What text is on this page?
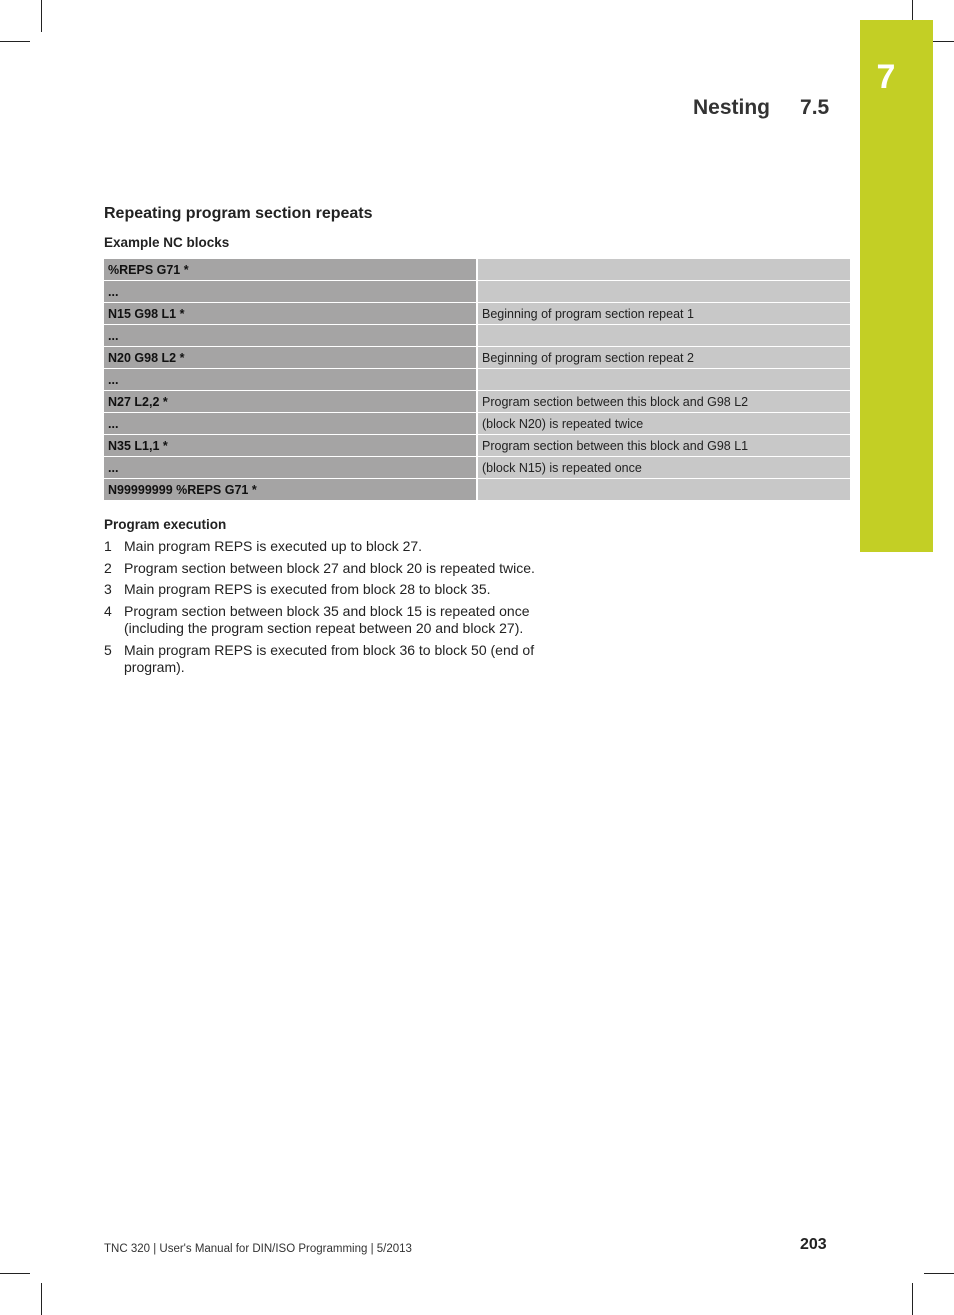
7
Nesting 7.5
Repeating program section repeats
Example NC blocks
%REPS G71 *	
...	
N15 G98 L1 *	Beginning of program section repeat 1
...	
N20 G98 L2 *	Beginning of program section repeat 2
...	
N27 L2,2 *	Program section between this block and G98 L2
...	(block N20) is repeated twice
N35 L1,1 *	Program section between this block and G98 L1
...	(block N15) is repeated once
N99999999 %REPS G71 *	
Program execution
1 Main program REPS is executed up to block 27.
2 Program section between block 27 and block 20 is repeated twice.
3 Main program REPS is executed from block 28 to block 35.
4 Program section between block 35 and block 15 is repeated once (including the program section repeat between 20 and block 27).
5 Main program REPS is executed from block 36 to block 50 (end of program).
TNC 320 | User's Manual for DIN/ISO Programming | 5/2013	203
